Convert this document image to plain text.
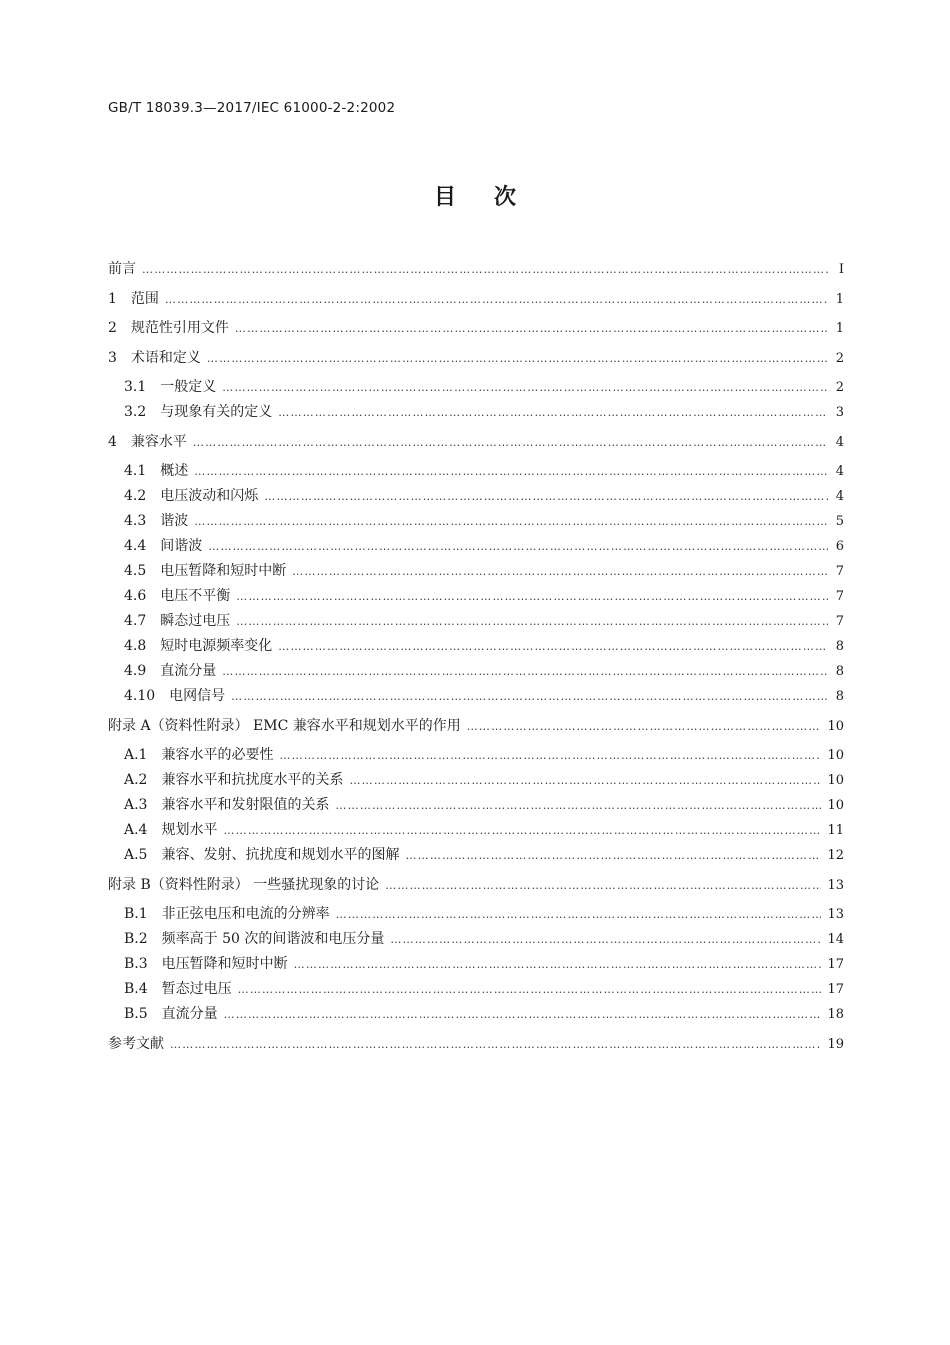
GB/T 18039.3—2017/IEC 61000-2-2:2002
目次
前言 ……………………………………………………………………………………………………………………………………………………………………………………………………………………………………	Ⅰ
1 范围 ……………………………………………………………………………………………………………………………………………………………………………………………………………………………………	1
2 规范性引用文件 ……………………………………………………………………………………………………………………………………………………………………………………………………………………………………	1
3 术语和定义 ……………………………………………………………………………………………………………………………………………………………………………………………………………………………………	2
3.1 一般定义 ……………………………………………………………………………………………………………………………………………………………………………………………………………………………………	2
3.2 与现象有关的定义 ……………………………………………………………………………………………………………………………………………………………………………………………………………………………………	3
4 兼容水平 ……………………………………………………………………………………………………………………………………………………………………………………………………………………………………	4
4.1 概述 ……………………………………………………………………………………………………………………………………………………………………………………………………………………………………	4
4.2 电压波动和闪烁 ……………………………………………………………………………………………………………………………………………………………………………………………………………………………………	4
4.3 谐波 ……………………………………………………………………………………………………………………………………………………………………………………………………………………………………	5
4.4 间谐波 ……………………………………………………………………………………………………………………………………………………………………………………………………………………………………	6
4.5 电压暂降和短时中断 ……………………………………………………………………………………………………………………………………………………………………………………………………………………………………	7
4.6 电压不平衡 ……………………………………………………………………………………………………………………………………………………………………………………………………………………………………	7
4.7 瞬态过电压 ……………………………………………………………………………………………………………………………………………………………………………………………………………………………………	7
4.8 短时电源频率变化 ……………………………………………………………………………………………………………………………………………………………………………………………………………………………………	8
4.9 直流分量 ……………………………………………………………………………………………………………………………………………………………………………………………………………………………………	8
4.10 电网信号 ……………………………………………………………………………………………………………………………………………………………………………………………………………………………………	8
附录 A（资料性附录） EMC 兼容水平和规划水平的作用 ……………………………………………………………………………………………………………………………………………………………………………………………………………………………………	10
A.1 兼容水平的必要性 ……………………………………………………………………………………………………………………………………………………………………………………………………………………………………	10
A.2 兼容水平和抗扰度水平的关系 ……………………………………………………………………………………………………………………………………………………………………………………………………………………………………	10
A.3 兼容水平和发射限值的关系 ……………………………………………………………………………………………………………………………………………………………………………………………………………………………………	10
A.4 规划水平 ……………………………………………………………………………………………………………………………………………………………………………………………………………………………………	11
A.5 兼容、发射、抗扰度和规划水平的图解 ……………………………………………………………………………………………………………………………………………………………………………………………………………………………………	12
附录 B（资料性附录） 一些骚扰现象的讨论 ……………………………………………………………………………………………………………………………………………………………………………………………………………………………………	13
B.1 非正弦电压和电流的分辨率 ……………………………………………………………………………………………………………………………………………………………………………………………………………………………………	13
B.2 频率高于 50 次的间谐波和电压分量 ……………………………………………………………………………………………………………………………………………………………………………………………………………………………………	14
B.3 电压暂降和短时中断 ……………………………………………………………………………………………………………………………………………………………………………………………………………………………………	17
B.4 暂态过电压 ……………………………………………………………………………………………………………………………………………………………………………………………………………………………………	17
B.5 直流分量 ……………………………………………………………………………………………………………………………………………………………………………………………………………………………………	18
参考文献 ……………………………………………………………………………………………………………………………………………………………………………………………………………………………………	19
